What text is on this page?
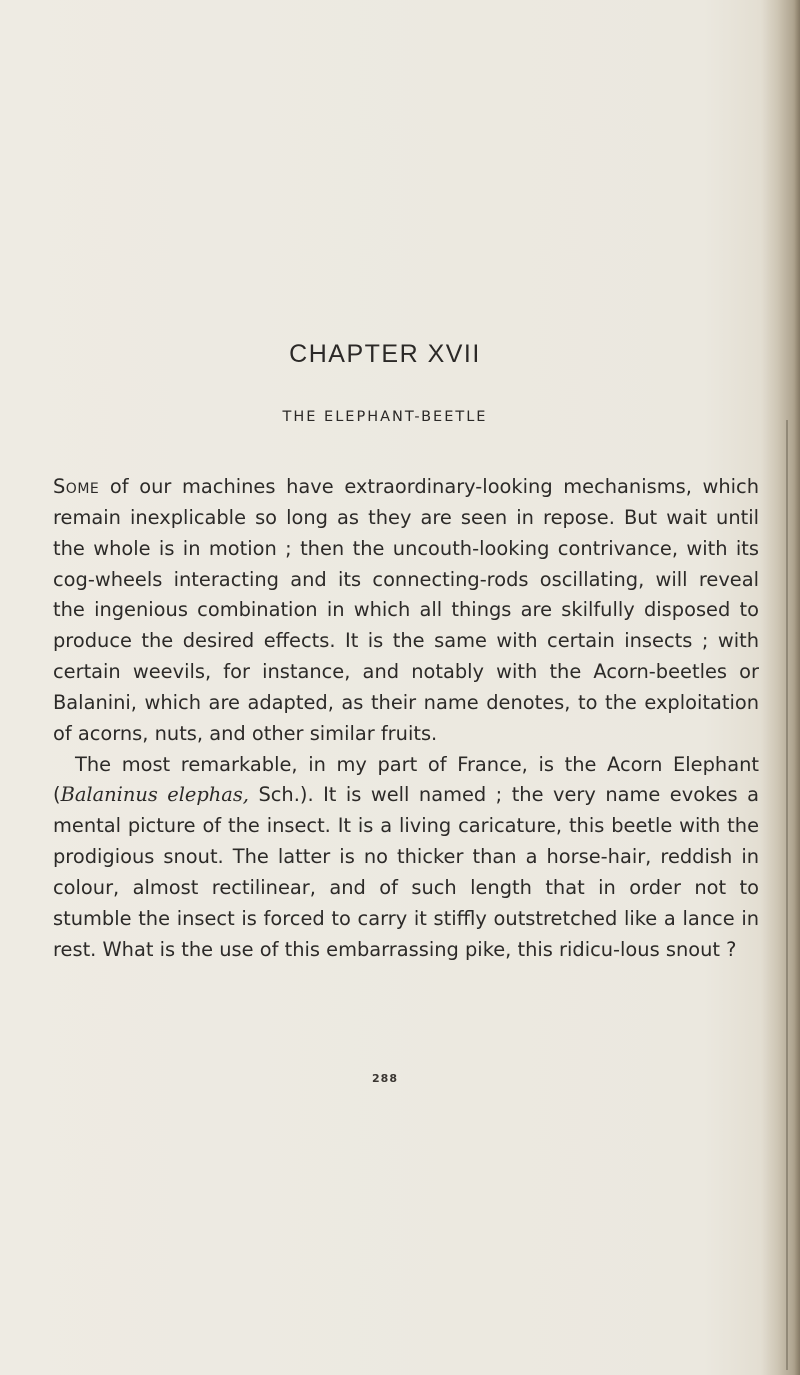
CHAPTER XVII
THE ELEPHANT-BEETLE

Some of our machines have extraordinary-looking mechanisms, which remain inexplicable so long as they are seen in repose. But wait until the whole is in motion ; then the uncouth-looking contrivance, with its cog-wheels interacting and its connecting-rods oscillating, will reveal the ingenious combination in which all things are skilfully disposed to produce the desired effects. It is the same with certain insects ; with certain weevils, for instance, and notably with the Acorn-beetles or Balanini, which are adapted, as their name denotes, to the exploitation of acorns, nuts, and other similar fruits.

The most remarkable, in my part of France, is the Acorn Elephant (Balaninus elephas, Sch.). It is well named ; the very name evokes a mental picture of the insect. It is a living caricature, this beetle with the prodigious snout. The latter is no thicker than a horse-hair, reddish in colour, almost rectilinear, and of such length that in order not to stumble the insect is forced to carry it stiffly outstretched like a lance in rest. What is the use of this embarrassing pike, this ridicu-lous snout ?

288
